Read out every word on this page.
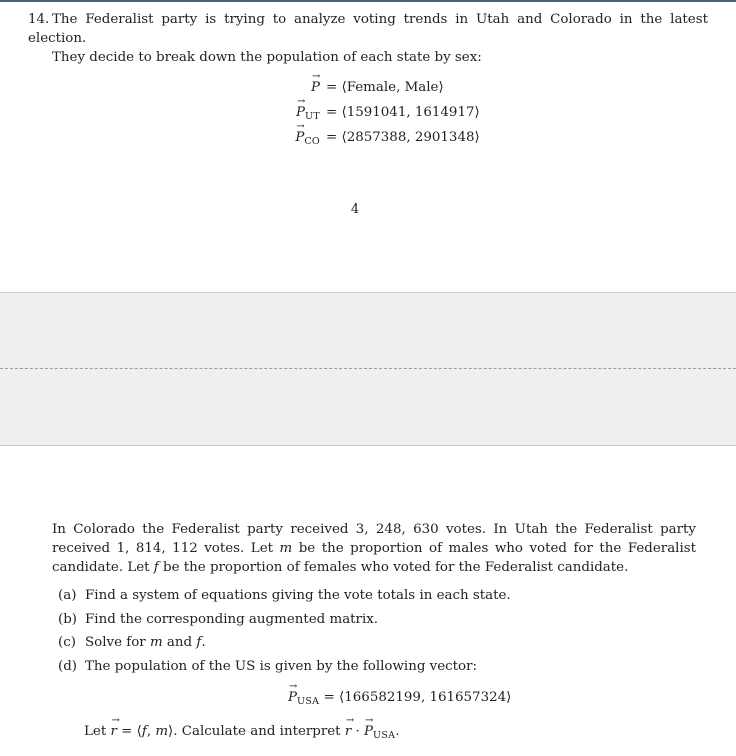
14. The Federalist party is trying to analyze voting trends in Utah and Colorado in the latest election.
They decide to break down the population of each state by sex:
→ P = ⟨Female, Male⟩
→ $P_{UT}$ = ⟨1591041, 1614917⟩
→ $P_{CO}$ = ⟨2857388, 2901348⟩
4
In Colorado the Federalist party received 3, 248, 630 votes. In Utah the Federalist party received 1, 814, 112 votes. Let m be the proportion of males who voted for the Federalist candidate. Let f be the proportion of females who voted for the Federalist candidate.
(a) Find a system of equations giving the vote totals in each state.
(b) Find the corresponding augmented matrix.
(c) Solve for m and f.
(d) The population of the US is given by the following vector:
→ $P_{USA}$ = ⟨166582199, 161657324⟩
Let → r = ⟨f, m⟩. Calculate and interpret → r · → $P_{USA}$.
